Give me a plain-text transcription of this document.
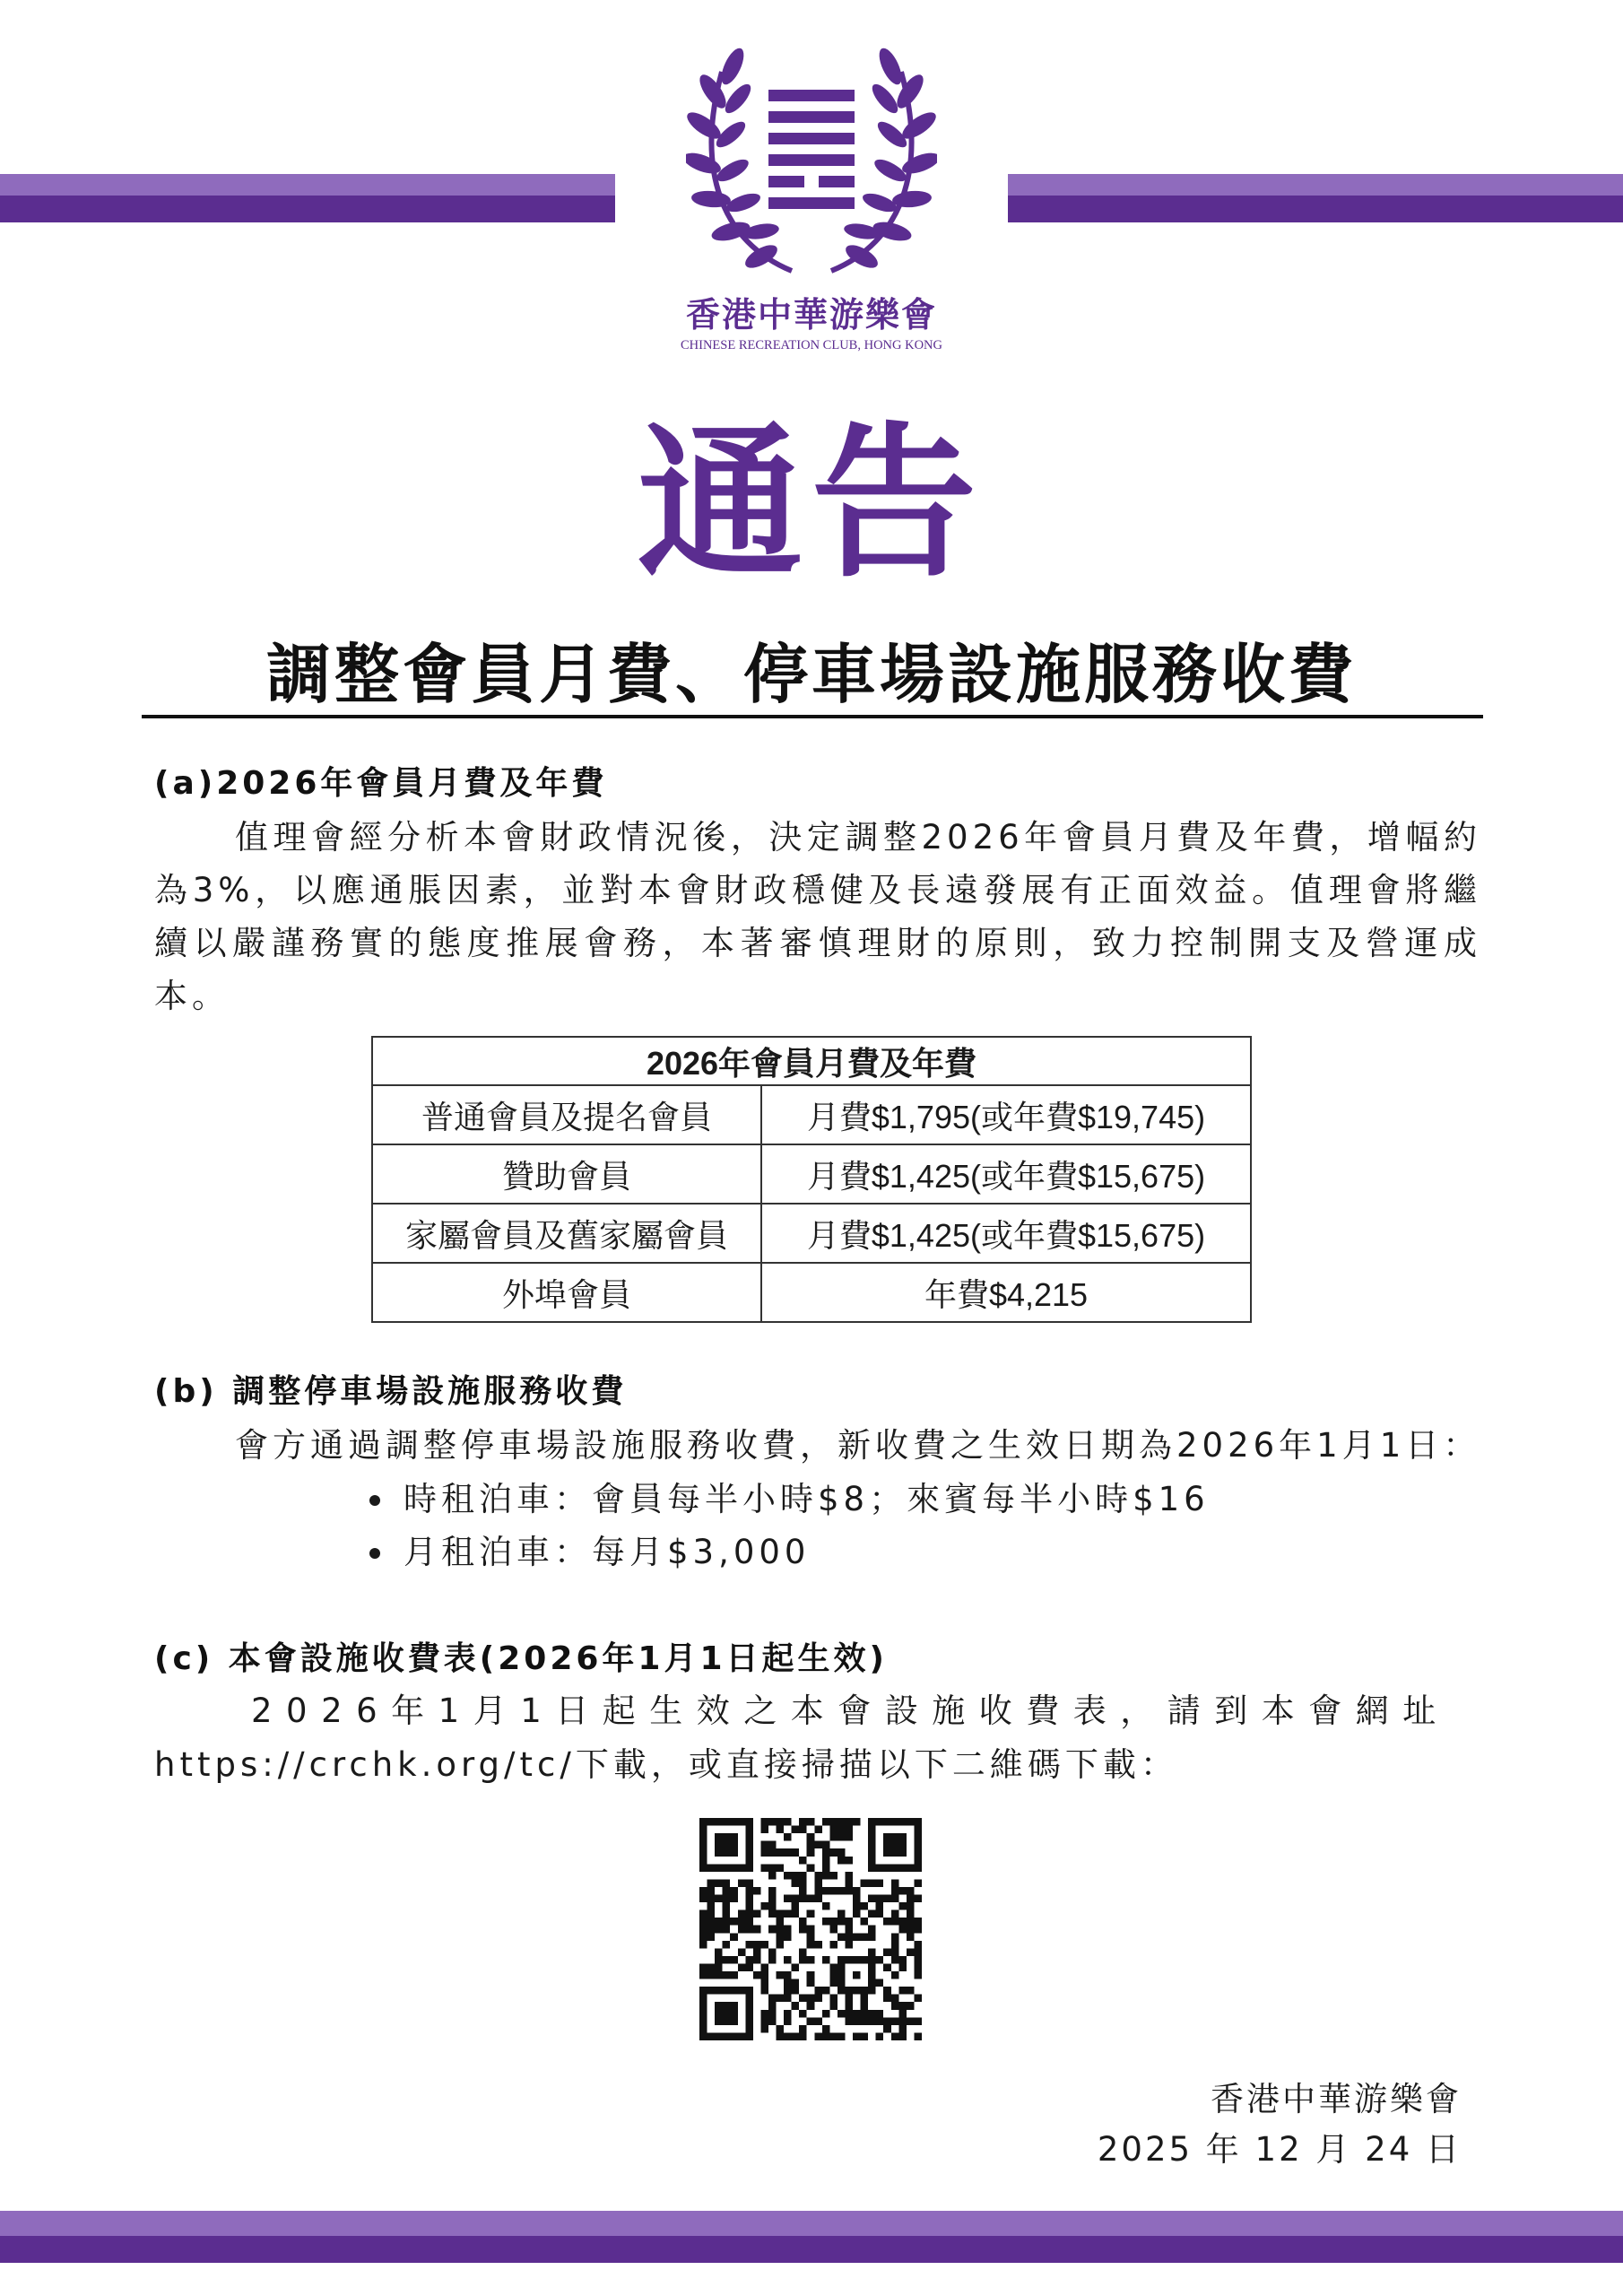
香港中華游樂會
CHINESE RECREATION CLUB, HONG KONG
通告
調整會員月費、停車場設施服務收費
(a)2026年會員月費及年費
值理會經分析本會財政情況後，決定調整2026年會員月費及年費，增幅約為3%，以應通脹因素，並對本會財政穩健及長遠發展有正面效益。值理會將繼續以嚴謹務實的態度推展會務，本著審慎理財的原則，致力控制開支及營運成本。
2026年會員月費及年費	
普通會員及提名會員	月費$1,795(或年費$19,745)
贊助會員	月費$1,425(或年費$15,675)
家屬會員及舊家屬會員	月費$1,425(或年費$15,675)
外埠會員	年費$4,215
(b) 調整停車場設施服務收費
會方通過調整停車場設施服務收費，新收費之生效日期為2026年1月1日：
時租泊車：會員每半小時$8；來賓每半小時$16
月租泊車：每月$3,000
(c) 本會設施收費表(2026年1月1日起生效)
2026年1月1日起生效之本會設施收費表，請到本會網址
https://crchk.org/tc/下載，或直接掃描以下二維碼下載：
香港中華游樂會
2025 年 12 月 24 日
